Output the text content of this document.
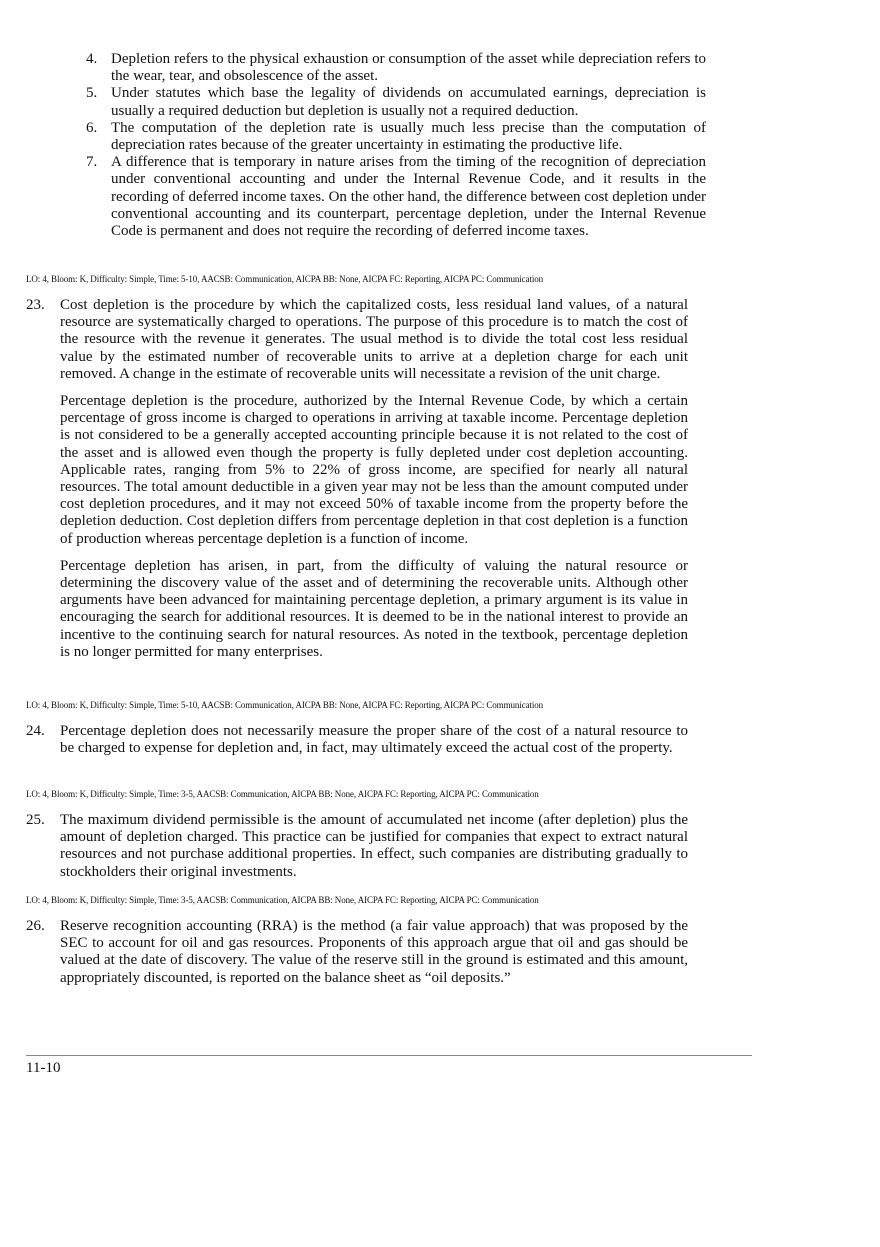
4. Depletion refers to the physical exhaustion or consumption of the asset while depreciation refers to the wear, tear, and obsolescence of the asset.
5. Under statutes which base the legality of dividends on accumulated earnings, depreciation is usually a required deduction but depletion is usually not a required deduction.
6. The computation of the depletion rate is usually much less precise than the computation of depreciation rates because of the greater uncertainty in estimating the productive life.
7. A difference that is temporary in nature arises from the timing of the recognition of depreciation under conventional accounting and under the Internal Revenue Code, and it results in the recording of deferred income taxes. On the other hand, the difference between cost depletion under conventional accounting and its counterpart, percentage depletion, under the Internal Revenue Code is permanent and does not require the recording of deferred income taxes.
LO: 4, Bloom: K, Difficulty: Simple, Time: 5-10, AACSB: Communication, AICPA BB: None, AICPA FC: Reporting, AICPA PC: Communication
23. Cost depletion is the procedure by which the capitalized costs, less residual land values, of a natural resource are systematically charged to operations. The purpose of this procedure is to match the cost of the resource with the revenue it generates. The usual method is to divide the total cost less residual value by the estimated number of recoverable units to arrive at a depletion charge for each unit removed. A change in the estimate of recoverable units will necessitate a revision of the unit charge.

Percentage depletion is the procedure, authorized by the Internal Revenue Code, by which a certain percentage of gross income is charged to operations in arriving at taxable income. Percentage depletion is not considered to be a generally accepted accounting principle because it is not related to the cost of the asset and is allowed even though the property is fully depleted under cost depletion accounting. Applicable rates, ranging from 5% to 22% of gross income, are specified for nearly all natural resources. The total amount deductible in a given year may not be less than the amount computed under cost depletion procedures, and it may not exceed 50% of taxable income from the property before the depletion deduction. Cost depletion differs from percentage depletion in that cost depletion is a function of production whereas percentage depletion is a function of income.

Percentage depletion has arisen, in part, from the difficulty of valuing the natural resource or determining the discovery value of the asset and of determining the recoverable units. Although other arguments have been advanced for maintaining percentage depletion, a primary argument is its value in encouraging the search for additional resources. It is deemed to be in the national interest to provide an incentive to the continuing search for natural resources. As noted in the textbook, percentage depletion is no longer permitted for many enterprises.

LO: 4, Bloom: K, Difficulty: Simple, Time: 5-10, AACSB: Communication, AICPA BB: None, AICPA FC: Reporting, AICPA PC: Communication
24. Percentage depletion does not necessarily measure the proper share of the cost of a natural resource to be charged to expense for depletion and, in fact, may ultimately exceed the actual cost of the property.

LO: 4, Bloom: K, Difficulty: Simple, Time: 3-5, AACSB: Communication, AICPA BB: None, AICPA FC: Reporting, AICPA PC: Communication
25. The maximum dividend permissible is the amount of accumulated net income (after depletion) plus the amount of depletion charged. This practice can be justified for companies that expect to extract natural resources and not purchase additional properties. In effect, such companies are distributing gradually to stockholders their original investments.

LO: 4, Bloom: K, Difficulty: Simple, Time: 3-5, AACSB: Communication, AICPA BB: None, AICPA FC: Reporting, AICPA PC: Communication
26. Reserve recognition accounting (RRA) is the method (a fair value approach) that was proposed by the SEC to account for oil and gas resources. Proponents of this approach argue that oil and gas should be valued at the date of discovery. The value of the reserve still in the ground is estimated and this amount, appropriately discounted, is reported on the balance sheet as “oil deposits.”

11-10
